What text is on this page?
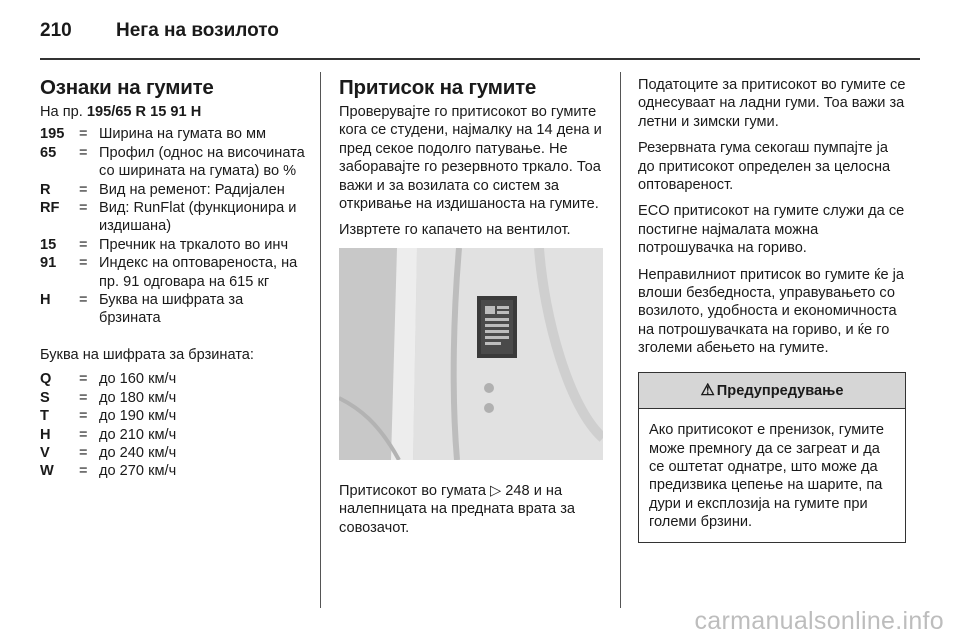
210 Нега на возилото
Ознаки на гумите
На пр. 195/65 R 15 91 H
195	= Ширина на гумата во мм
65	= Профил (однос на височината со ширината на гумата) во %
R	= Вид на ременот: Радијален
RF	= Вид: RunFlat (функционира и издишана)
15	= Пречник на тркалото во инч
91	= Индекс на оптовареноста, на пр. 91 одговара на 615 кг
H	= Буква на шифрата за брзината

Буква на шифрата за брзината:

Q	= до 160 км/ч
S	= до 180 км/ч
T	= до 190 км/ч
H	= до 210 км/ч
V	= до 240 км/ч
W	= до 270 км/ч
Притисок на гумите

Проверувајте го притисокот во гумите кога се студени, најмалку на 14 дена и пред секое подолго патување. Не заборавајте го резервното тркало. Тоа важи и за возилата со систем за откривање на издишаноста на гумите.

Извртете го капачето на вентилот.

Притисокот во гумата ▷ 248 и на налепницата на предната врата за совозачот.

Податоците за притисокот во гумите се однесуваат на ладни гуми. Тоа важи за летни и зимски гуми.

Резервната гума секогаш пумпајте ја до притисокот определен за целосна оптовареност.

ECO притисокот на гумите служи да се постигне најмалата можна потрошувачка на гориво.

Неправилниот притисок во гумите ќе ја влоши безбедноста, управувањето со возилото, удобноста и економичноста на потрошувачката на гориво, и ќе го зголеми абењето на гумите.

⚠ Предупредување
Ако притисокот е пренизок, гумите може премногу да се загреат и да се оштетат однатре, што може да предизвика цепење на шарите, па дури и експлозија на гумите при големи брзини.
carmanualsonline.info
